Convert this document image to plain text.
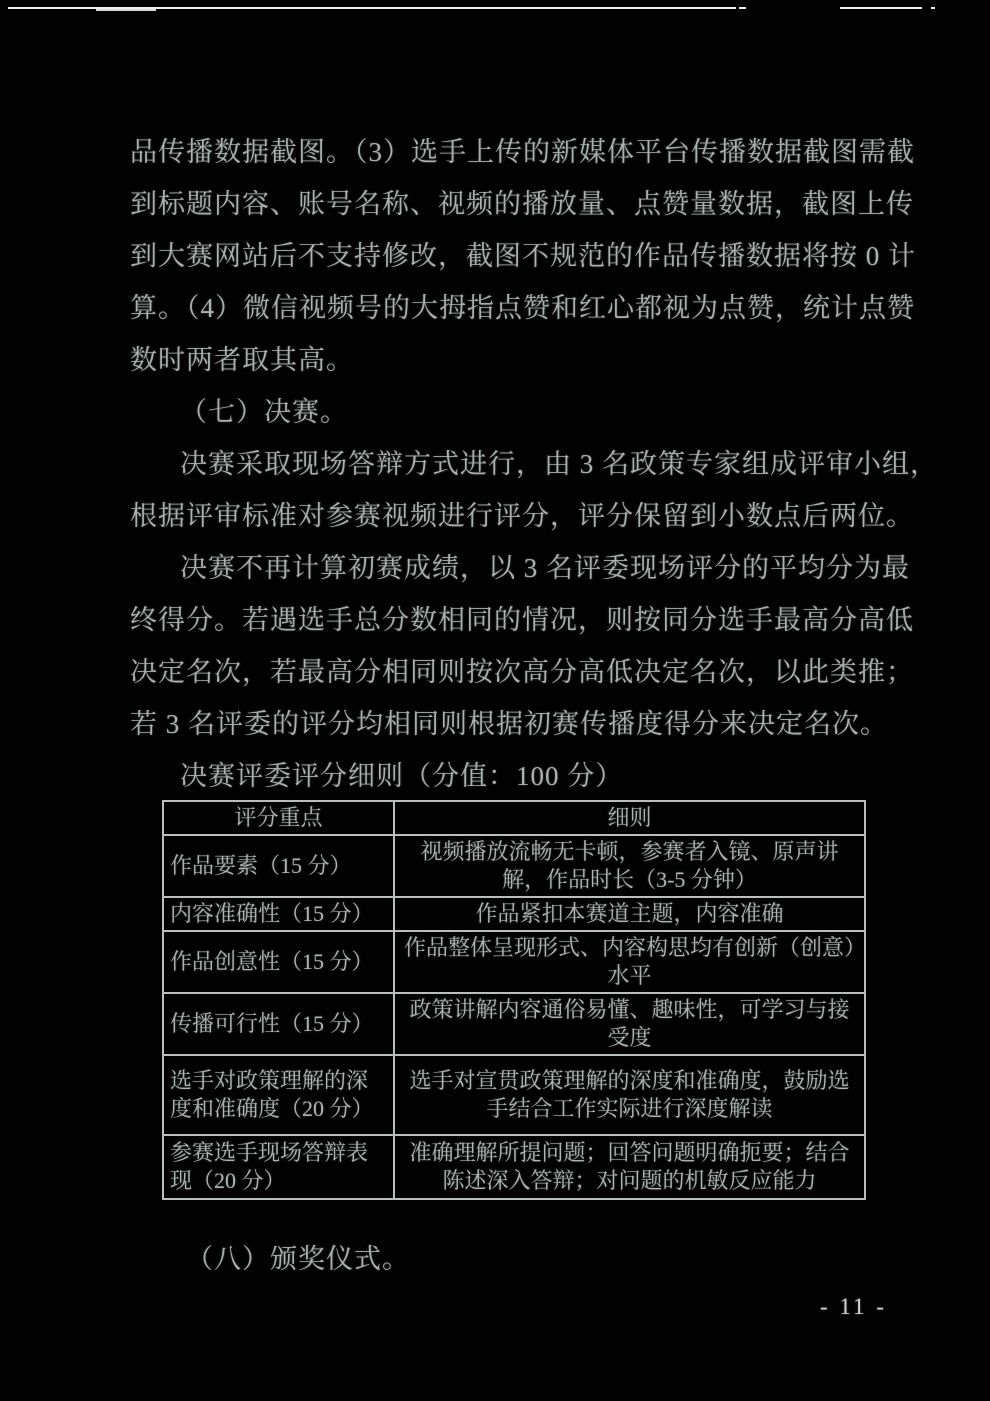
品传播数据截图。（3）选手上传的新媒体平台传播数据截图需截
到标题内容、账号名称、视频的播放量、点赞量数据，截图上传
到大赛网站后不支持修改，截图不规范的作品传播数据将按 0 计
算。（4）微信视频号的大拇指点赞和红心都视为点赞，统计点赞
数时两者取其高。
（七）决赛。
决赛采取现场答辩方式进行，由 3 名政策专家组成评审小组，
根据评审标准对参赛视频进行评分，评分保留到小数点后两位。
决赛不再计算初赛成绩，以 3 名评委现场评分的平均分为最
终得分。若遇选手总分数相同的情况，则按同分选手最高分高低
决定名次，若最高分相同则按次高分高低决定名次，以此类推；
若 3 名评委的评分均相同则根据初赛传播度得分来决定名次。
决赛评委评分细则（分值：100 分）
评分重点	细则
作品要素（15 分）	视频播放流畅无卡顿，参赛者入镜、原声讲解，作品时长（3-5 分钟）
内容准确性（15 分）	作品紧扣本赛道主题，内容准确
作品创意性（15 分）	作品整体呈现形式、内容构思均有创新（创意）水平
传播可行性（15 分）	政策讲解内容通俗易懂、趣味性，可学习与接受度
选手对政策理解的深度和准确度（20 分）	选手对宣贯政策理解的深度和准确度，鼓励选手结合工作实际进行深度解读
参赛选手现场答辩表现（20 分）	准确理解所提问题；回答问题明确扼要；结合陈述深入答辩；对问题的机敏反应能力
（八）颁奖仪式。
- 11 -
